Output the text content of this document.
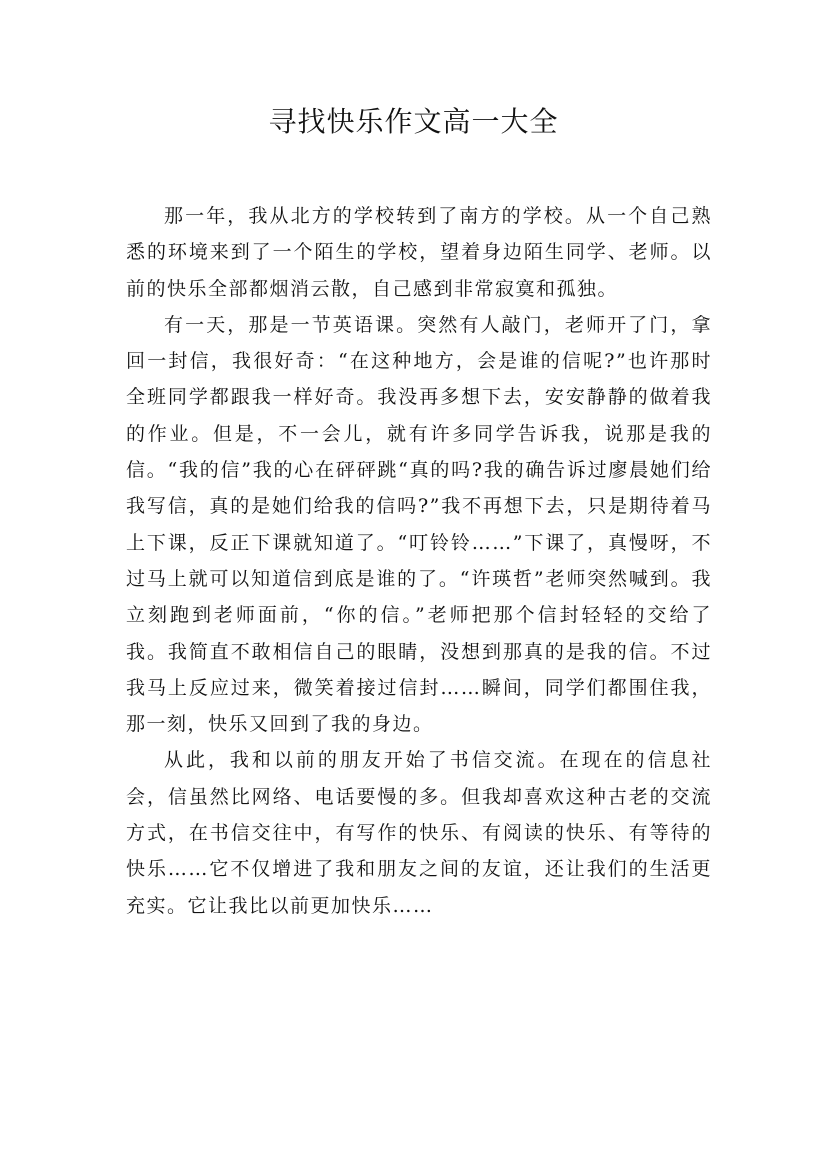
寻找快乐作文高一大全

那一年，我从北方的学校转到了南方的学校。从一个自己熟悉的环境来到了一个陌生的学校，望着身边陌生同学、老师。以前的快乐全部都烟消云散，自己感到非常寂寞和孤独。

有一天，那是一节英语课。突然有人敲门，老师开了门，拿回一封信，我很好奇：“在这种地方，会是谁的信呢?”也许那时全班同学都跟我一样好奇。我没再多想下去，安安静静的做着我的作业。但是，不一会儿，就有许多同学告诉我，说那是我的信。“我的信”我的心在砰砰跳“真的吗?我的确告诉过廖晨她们给我写信，真的是她们给我的信吗?”我不再想下去，只是期待着马上下课，反正下课就知道了。“叮铃铃……”下课了，真慢呀，不过马上就可以知道信到底是谁的了。“许瑛哲”老师突然喊到。我立刻跑到老师面前，“你的信。”老师把那个信封轻轻的交给了我。我简直不敢相信自己的眼睛，没想到那真的是我的信。不过我马上反应过来，微笑着接过信封……瞬间，同学们都围住我，那一刻，快乐又回到了我的身边。

从此，我和以前的朋友开始了书信交流。在现在的信息社会，信虽然比网络、电话要慢的多。但我却喜欢这种古老的交流方式，在书信交往中，有写作的快乐、有阅读的快乐、有等待的快乐……它不仅增进了我和朋友之间的友谊，还让我们的生活更充实。它让我比以前更加快乐……
